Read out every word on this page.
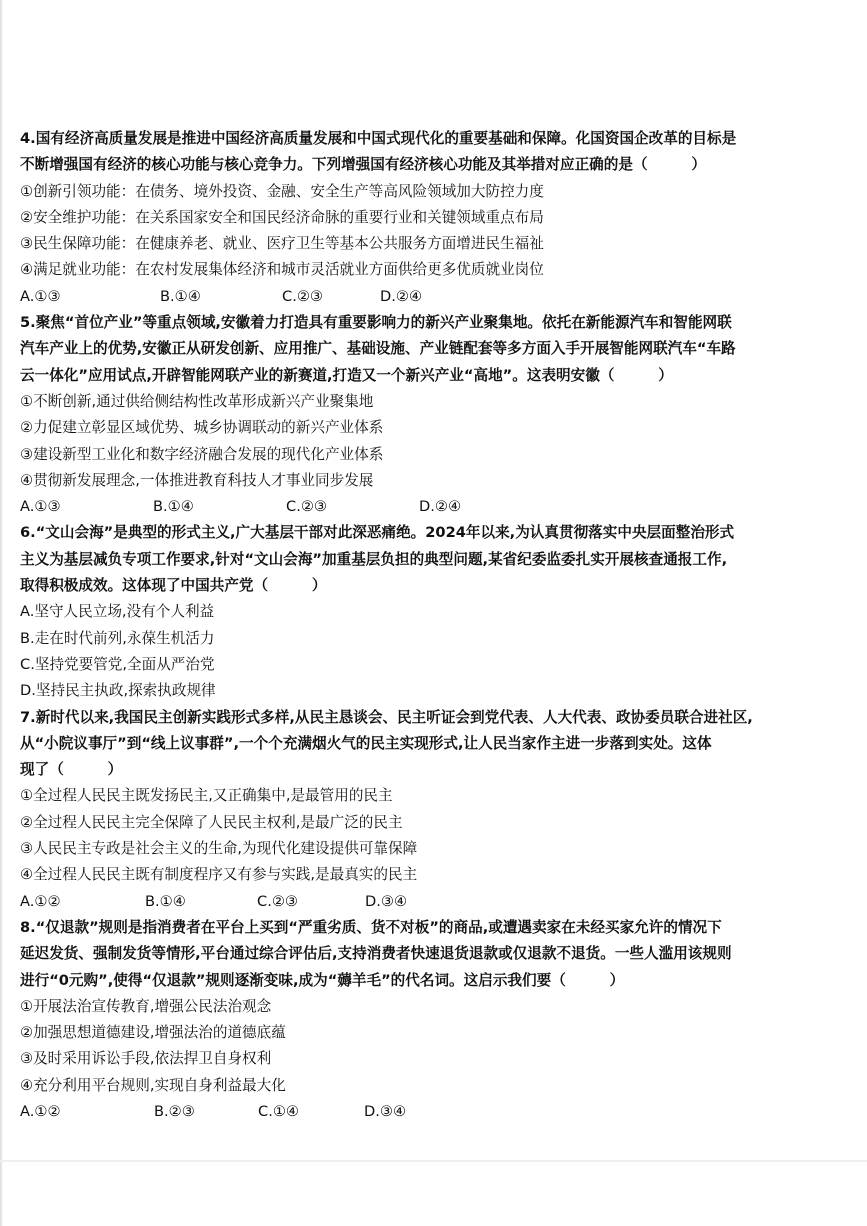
4.国有经济高质量发展是推进中国经济高质量发展和中国式现代化的重要基础和保障。化国资国企改革的目标是
不断增强国有经济的核心功能与核心竞争力。下列增强国有经济核心功能及其举措对应正确的是（　　　）
①创新引领功能：在债务、境外投资、金融、安全生产等高风险领域加大防控力度
②安全维护功能：在关系国家安全和国民经济命脉的重要行业和关键领域重点布局
③民生保障功能：在健康养老、就业、医疗卫生等基本公共服务方面增进民生福祉
④满足就业功能：在农村发展集体经济和城市灵活就业方面供给更多优质就业岗位
A.①③	B.①④	C.②③	D.②④
5.聚焦“首位产业”等重点领域,安徽着力打造具有重要影响力的新兴产业聚集地。依托在新能源汽车和智能网联
汽车产业上的优势,安徽正从研发创新、应用推广、基础设施、产业链配套等多方面入手开展智能网联汽车“车路
云一体化”应用试点,开辟智能网联产业的新赛道,打造又一个新兴产业“高地”。这表明安徽（　　　）
①不断创新,通过供给侧结构性改革形成新兴产业聚集地
②力促建立彰显区域优势、城乡协调联动的新兴产业体系
③建设新型工业化和数字经济融合发展的现代化产业体系
④贯彻新发展理念,一体推进教育科技人才事业同步发展
A.①③	B.①④	C.②③	D.②④
6.“文山会海”是典型的形式主义,广大基层干部对此深恶痛绝。2024年以来,为认真贯彻落实中央层面整治形式
主义为基层减负专项工作要求,针对“文山会海”加重基层负担的典型问题,某省纪委监委扎实开展核查通报工作,
取得积极成效。这体现了中国共产党（　　　）
A.坚守人民立场,没有个人利益
B.走在时代前列,永葆生机活力
C.坚持党要管党,全面从严治党
D.坚持民主执政,探索执政规律
7.新时代以来,我国民主创新实践形式多样,从民主恳谈会、民主听证会到党代表、人大代表、政协委员联合进社区,
从“小院议事厅”到“线上议事群”,一个个充满烟火气的民主实现形式,让人民当家作主进一步落到实处。这体
现了（　　　）
①全过程人民民主既发扬民主,又正确集中,是最管用的民主
②全过程人民民主完全保障了人民民主权利,是最广泛的民主
③人民民主专政是社会主义的生命,为现代化建设提供可靠保障
④全过程人民民主既有制度程序又有参与实践,是最真实的民主
A.①②	B.①④	C.②③	D.③④
8.“仅退款”规则是指消费者在平台上买到“严重劣质、货不对板”的商品,或遭遇卖家在未经买家允许的情况下
延迟发货、强制发货等情形,平台通过综合评估后,支持消费者快速退货退款或仅退款不退货。一些人滥用该规则
进行“0元购”,使得“仅退款”规则逐渐变味,成为“薅羊毛”的代名词。这启示我们要（　　　）
①开展法治宣传教育,增强公民法治观念
②加强思想道德建设,增强法治的道德底蕴
③及时采用诉讼手段,依法捍卫自身权利
④充分利用平台规则,实现自身利益最大化
A.①②	B.②③	C.①④	D.③④
